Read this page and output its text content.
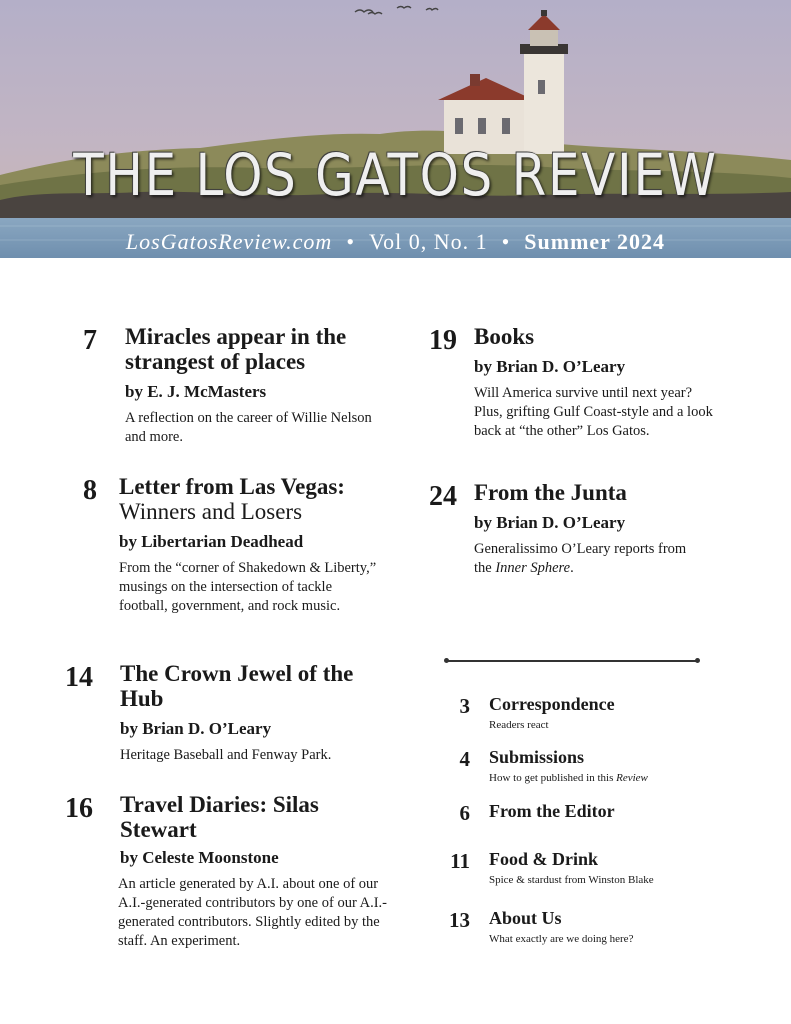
THE LOS GATOS REVIEW
LosGatosReview.com • Vol 0, No. 1 • Summer 2024
7 Miracles appear in the strangest of places
by E. J. McMasters
A reflection on the career of Willie Nelson and more.
8 Letter from Las Vegas:
Winners and Losers
by Libertarian Deadhead
From the “corner of Shakedown & Liberty,” musings on the intersection of tackle football, government, and rock music.
14 The Crown Jewel of the Hub
by Brian D. O’Leary
Heritage Baseball and Fenway Park.
16 Travel Diaries: Silas Stewart
by Celeste Moonstone
An article generated by A.I. about one of our A.I.-generated contributors by one of our A.I.-generated contributors. Slightly edited by the staff. An experiment.
19 Books
by Brian D. O’Leary
Will America survive until next year? Plus, grifting Gulf Coast-style and a look back at “the other” Los Gatos.
24 From the Junta
by Brian D. O’Leary
Generalissimo O’Leary reports from the Inner Sphere.
3 Correspondence
Readers react
4 Submissions
How to get published in this Review
6 From the Editor
11 Food & Drink
Spice & stardust from Winston Blake
13 About Us
What exactly are we doing here?
